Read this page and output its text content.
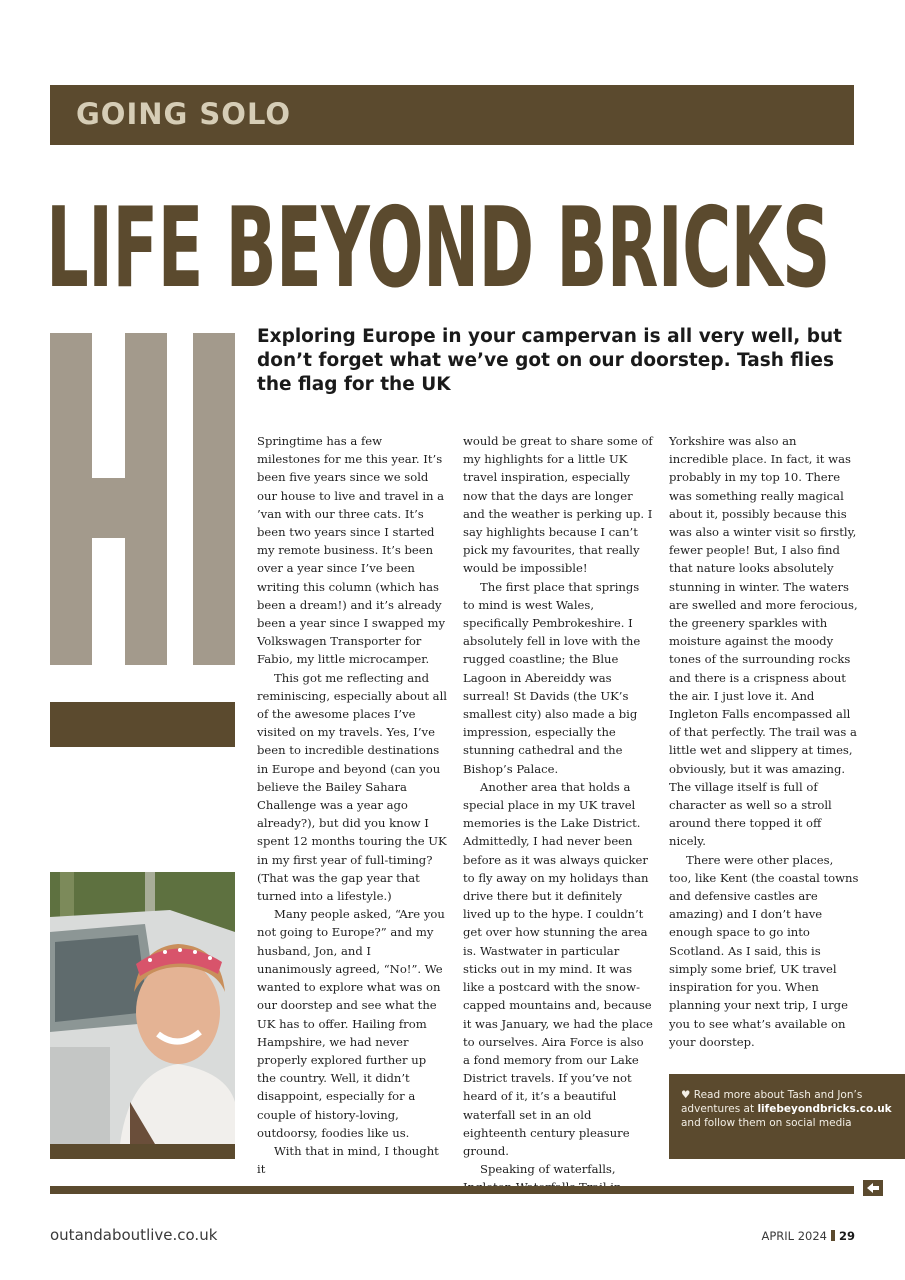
GOING SOLO
LIFE BEYOND BRICKS
Exploring Europe in your campervan is all very well, but don’t forget what we’ve got on our doorstep. Tash flies the flag for the UK

Springtime has a few milestones for me this year. It’s been five years since we sold our house to live and travel in a ’van with our three cats. It’s been two years since I started my remote business. It’s been over a year since I’ve been writing this column (which has been a dream!) and it’s already been a year since I swapped my Volkswagen Transporter for Fabio, my little microcamper.

This got me reflecting and reminiscing, especially about all of the awesome places I’ve visited on my travels. Yes, I’ve been to incredible destinations in Europe and beyond (can you believe the Bailey Sahara Challenge was a year ago already?), but did you know I spent 12 months touring the UK in my first year of full-timing? (That was the gap year that turned into a lifestyle.)

Many people asked, “Are you not going to Europe?” and my husband, Jon, and I unanimously agreed, “No!”. We wanted to explore what was on our doorstep and see what the UK has to offer. Hailing from Hampshire, we had never properly explored further up the country. Well, it didn’t disappoint, especially for a couple of history-loving, outdoorsy, foodies like us.

With that in mind, I thought it

would be great to share some of my highlights for a little UK travel inspiration, especially now that the days are longer and the weather is perking up. I say highlights because I can’t pick my favourites, that really would be impossible!

The first place that springs to mind is west Wales, specifically Pembrokeshire. I absolutely fell in love with the rugged coastline; the Blue Lagoon in Abereiddy was surreal! St Davids (the UK’s smallest city) also made a big impression, especially the stunning cathedral and the Bishop’s Palace.

Another area that holds a special place in my UK travel memories is the Lake District. Admittedly, I had never been before as it was always quicker to fly away on my holidays than drive there but it definitely lived up to the hype. I couldn’t get over how stunning the area is. Wastwater in particular sticks out in my mind. It was like a postcard with the snow-capped mountains and, because it was January, we had the place to ourselves. Aira Force is also a fond memory from our Lake District travels. If you’ve not heard of it, it’s a beautiful waterfall set in an old eighteenth century pleasure ground.

Speaking of waterfalls,

Yorkshire was also an incredible place. In fact, it was probably in my top 10. There was something really magical about it, possibly because this was also a winter visit so firstly, fewer people! But, I also find that nature looks absolutely stunning in winter. The waters are swelled and more ferocious, the greenery sparkles with moisture against the moody tones of the surrounding rocks and there is a crispness about the air. I just love it. And Ingleton Falls encompassed all of that perfectly. The trail was a little wet and slippery at times, obviously, but it was amazing. The village itself is full of character as well so a stroll around there topped it off nicely.

There were other places, too, like Kent (the coastal towns and defensive castles are amazing) and I don’t have enough space to go into Scotland. As I said, this is simply some brief, UK travel inspiration for you. When planning your next trip, I urge you to see what’s available on your doorstep.

♥ Read more about Tash and Jon’s adventures at lifebeyondbricks.co.uk and follow them on social media
outandaboutlive.co.uk	APRIL 2024 29
